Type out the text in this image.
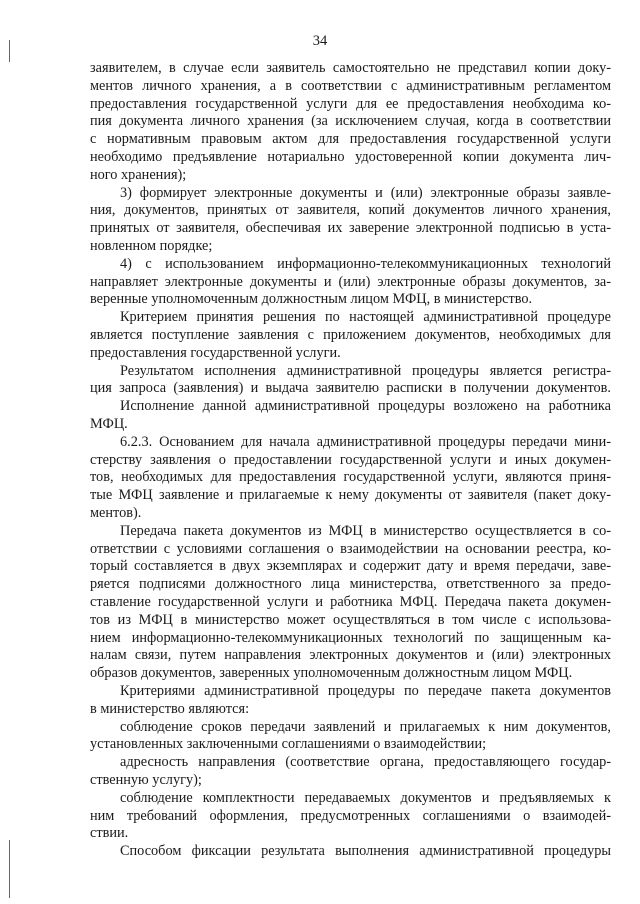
34
заявителем, в случае если заявитель самостоятельно не представил копии доку-
ментов личного хранения, а в соответствии с административным регламентом
предоставления государственной услуги для ее предоставления необходима ко-
пия документа личного хранения (за исключением случая, когда в соответствии
с нормативным правовым актом для предоставления государственной услуги
необходимо предъявление нотариально удостоверенной копии документа лич-
ного хранения);
3) формирует электронные документы и (или) электронные образы заявле-
ния, документов, принятых от заявителя, копий документов личного хранения,
принятых от заявителя, обеспечивая их заверение электронной подписью в уста-
новленном порядке;
4) с использованием информационно-телекоммуникационных технологий
направляет электронные документы и (или) электронные образы документов, за-
веренные уполномоченным должностным лицом МФЦ, в министерство.
Критерием принятия решения по настоящей административной процедуре
является поступление заявления с приложением документов, необходимых для
предоставления государственной услуги.
Результатом исполнения административной процедуры является регистра-
ция запроса (заявления) и выдача заявителю расписки в получении документов.
Исполнение данной административной процедуры возложено на работника
МФЦ.
6.2.3. Основанием для начала административной процедуры передачи мини-
стерству заявления о предоставлении государственной услуги и иных докумен-
тов, необходимых для предоставления государственной услуги, являются приня-
тые МФЦ заявление и прилагаемые к нему документы от заявителя (пакет доку-
ментов).
Передача пакета документов из МФЦ в министерство осуществляется в со-
ответствии с условиями соглашения о взаимодействии на основании реестра, ко-
торый составляется в двух экземплярах и содержит дату и время передачи, заве-
ряется подписями должностного лица министерства, ответственного за предо-
ставление государственной услуги и работника МФЦ. Передача пакета докумен-
тов из МФЦ в министерство может осуществляться в том числе с использова-
нием информационно-телекоммуникационных технологий по защищенным ка-
налам связи, путем направления электронных документов и (или) электронных
образов документов, заверенных уполномоченным должностным лицом МФЦ.
Критериями административной процедуры по передаче пакета документов
в министерство являются:
соблюдение сроков передачи заявлений и прилагаемых к ним документов,
установленных заключенными соглашениями о взаимодействии;
адресность направления (соответствие органа, предоставляющего государ-
ственную услугу);
соблюдение комплектности передаваемых документов и предъявляемых к
ним требований оформления, предусмотренных соглашениями о взаимодей-
ствии.
Способом фиксации результата выполнения административной процедуры
